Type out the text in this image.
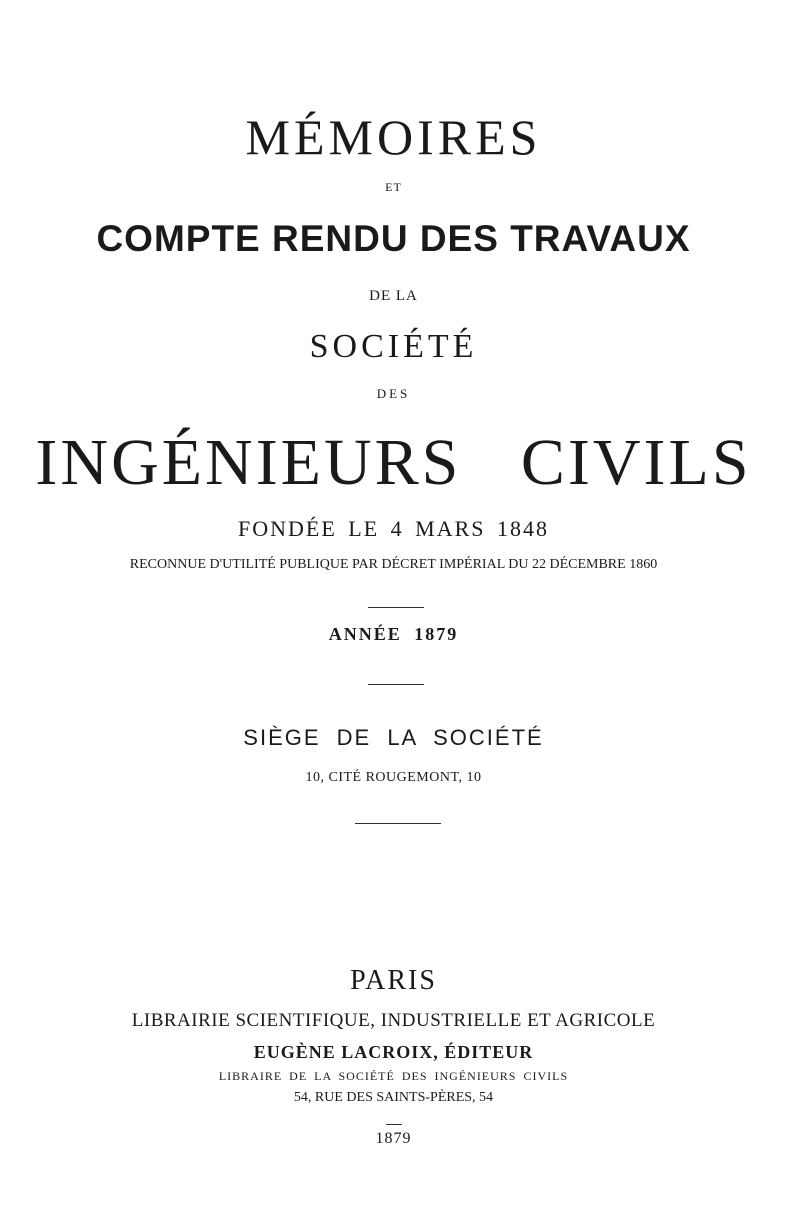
MÉMOIRES
ET
COMPTE RENDU DES TRAVAUX
DE LA
SOCIÉTÉ
DES
INGÉNIEURS CIVILS
FONDÉE LE 4 MARS 1848
RECONNUE D'UTILITÉ PUBLIQUE PAR DÉCRET IMPÉRIAL DU 22 DÉCEMBRE 1860
ANNÉE 1879
SIÈGE DE LA SOCIÉTÉ
10, CITÉ ROUGEMONT, 10
PARIS
LIBRAIRIE SCIENTIFIQUE, INDUSTRIELLE ET AGRICOLE
EUGÈNE LACROIX, ÉDITEUR
LIBRAIRE DE LA SOCIÉTÉ DES INGÉNIEURS CIVILS
54, RUE DES SAINTS-PÈRES, 54
1879
